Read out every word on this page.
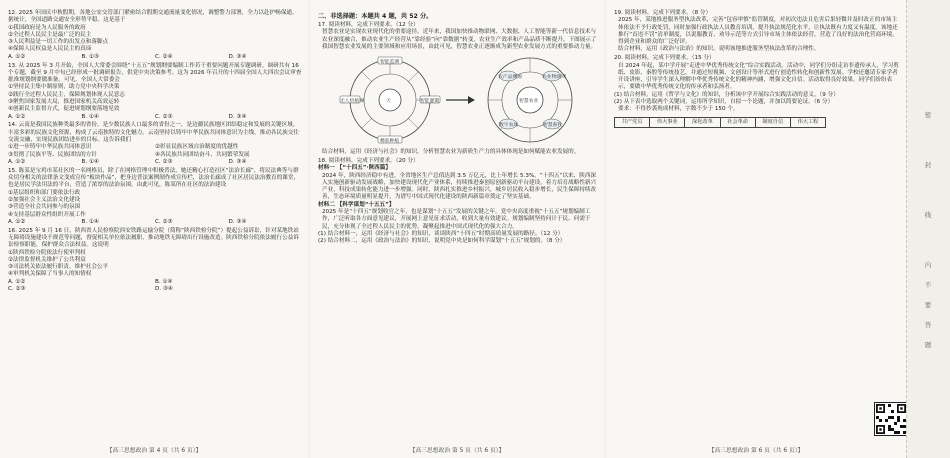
12. 2025 年国庆中秋假期，各地公安交管部门紧密结合假期交通流量变化情况，调整警力部署，全力以赴护畅保通。据统计，全国道路交通安全形势平稳。这是基于
①我国政府是为人民服务的政府
②全过程人民民主是最广泛的民主
③人民利益是一切工作的出发点和落脚点
④保障人民权益是人民民主的真谛
A. ①②	B. ①③	C. ②④	D. ③④
13. 从 2025 年 3 月开始，全国人大常委会围绕“十五五”规划纲要编制工作若干重要问题开展专题调研，调研共有 16 个专题，截至 9 月中旬已经形成一批调研报告，供党中央决策参考。这为 2026 年召开的十四届全国人大四次会议审查批准规划纲要做准备。可见，全国人大常委会
①坚持民主集中制原则，助力党中央科学决策
②践行全过程人民民主，保障规划体现人民意志
③聚焦国家发展大局，推进国家机关高效运转
④创新民主监督方式，促进规划纲要落地见效
A. ①②	B. ①④	C. ②③	D. ③④
14. 云南是我国民族种类最多的省份，是少数民族人口最多的省份之一，是边疆民族地区团结稳定和发展的关键区域。丰富多彩的民族文化资源，构成了云南独特的文化魅力。云南坚持以铸牢中华民族共同体意识为主线，推动各民族交往交流交融，实现民族团结进步的目标。这告诉我们
①进一步铸牢中华民族共同体意识	②彰显民族区域自治制度的优越性
③贯彻了民族平等、民族团结的方针	④各民族共同团结奋斗、共同繁荣发展
A. ①②	B. ①④	C. ②③	D. ③④
15. 陈某是宝鸡市某社区的一名网格员，除了在网格管理中积极普法，她还精心打造社区“法治长廊”，将民法典等与群众切身相关的法律条文变成宣传“板块作品”，把身边普法案例制作成宣传栏，法治长廊成了社区居民法治教育的课堂，也是居民学法用法的平台，营造了浓厚的法治氛围。由此可见，陈某所在社区的法治建设
①基层组织和部门要依法行政
②加强社会主义法治文化建设
③营造全社会共同参与的氛围
④支持基层群众性组织开展工作
A. ①②	B. ①④	C. ②③	D. ③④
16. 2025 年 9 月 16 日，陕西省人民检察院西安铁路运输分院（简称“陕西铁检分院”）提起公益诉讼，针对某地铁站无障碍设施建设不规范等问题，督促相关单位依法履职，推动地铁无障碍出行设施改造。陕西铁检分院依法履行公益诉讼检察职能，保护群众合法权益。这说明
①陕西铁检分院依法行使审判权
②法律监督机关维护了公共利益
③司法机关依法履行职责，维护社会公平
④审判机关保障了当事人的知情权
A. ①②	B. ①④
C. ②③	D. ③④
【高三思想政治 第 4 页（共 6 页）】
二、非选择题：本题共 4 题，共 52 分。
17. 阅读材料，完成下列要求。（12 分）
智慧农业是实现农业现代化的重要途径。近年来，我国加快推动物联网、大数据、人工智能等新一代信息技术与农业深度融合，推动农业生产经营从“靠经验”向“靠数据”转变，农业生产效率和产品品质不断提升。下图展示了我国智慧农业发展的主要领域和应用场景，由此可见，智慧农业正逐渐成为新型农业发展方式的重要推动力量。
天	智慧农业
智能监测
精准种植
无人机植保	智能灌溉
农产品溯源	农业物联网
数字农场	智慧畜牧
结合材料，运用《经济与社会》的知识，分析智慧农业为新质生产力的具体体现是如何赋能农业发展的。
18. 阅读材料，完成下列要求。（20 分）
材料一 【“十四五”·陕西篇】
2024 年，陕西经济稳中有进，全省地区生产总值达到 3.5 万亿元，比上年增长 5.3%。“十四五”以来，陕西深入实施创新驱动发展战略，加快建设现代化产业体系，持续推进秦创原创新驱动平台建设，着力培育战略性新兴产业，科技成果转化能力进一步增强。同时，陕西扎实推进乡村振兴，城乡居民收入稳步增长，民生保障持续改善，生态环境质量明显提升，为谱写中国式现代化建设的陕西新篇章奠定了坚实基础。
材料二 【科学谋划“十五五”】
2025 年是“十四五”规划收官之年，也是谋划“十五五”发展的关键之年。党中央高度重视“十五五”规划编制工作，广泛听取各方面意见建议，开展网上意见征求活动，收到大量有效建议。规划编制坚持问计于民、问需于民，充分体现了全过程人民民主的优势，凝聚起推进中国式现代化的强大合力。
(1) 结合材料一，运用《经济与社会》的知识，谈谈陕西“十四五”时期高质量发展的路径。（12 分）
(2) 结合材料二，运用《政治与法治》的知识，说明党中央是如何科学谋划“十五五”规划的。（8 分）
【高三思想政治 第 5 页（共 6 页）】
19. 阅读材料，完成下列要求。（8 分）
2025 年，某地推进服务型执法改革，完善“包容审慎”监管制度，对初次违法且危害后果轻微并及时改正的市场主体依法不予行政处罚，同时加强行政执法人员教育培训，提升执法规范化水平，让执法既有力度又有温度。该地还推行“首违不罚”清单制度，以说服教育、劝导示范等方式引导市场主体依法经营，营造了良好的法治化营商环境，得到企业和群众的广泛好评。
结合材料，运用《政治与法治》的知识，说明该地推进服务型执法改革的合理性。
20. 阅读材料，完成下列要求。（15 分）
自 2024 年起，某中学开展“走进中华优秀传统文化”综合实践活动。活动中，同学们分组走访非遗传承人，学习剪纸、皮影、秦腔等传统技艺，并通过短视频、文创设计等形式进行创造性转化和创新性发展。学校还邀请专家学者开设讲座，引导学生深入理解中华优秀传统文化的精神内涵，增强文化自信。活动取得良好效果，同学们纷纷表示，要做中华优秀传统文化的传承者和弘扬者。
(1) 结合材料，运用《哲学与文化》的知识，分析该中学开展综合实践活动的意义。（9 分）
(2) 从下表中选取两个关键词，运用所学知识，自拟一个论题，并加以简要论证。（6 分）
要求：不得抄袭现成材料，字数不少于 150 个。
共产党员	伟大事业	深化改革	社会革命	制度自信	伟大工程
【高三思想政治 第 6 页（共 6 页）】
密
封
线
内
不
要
答
题
